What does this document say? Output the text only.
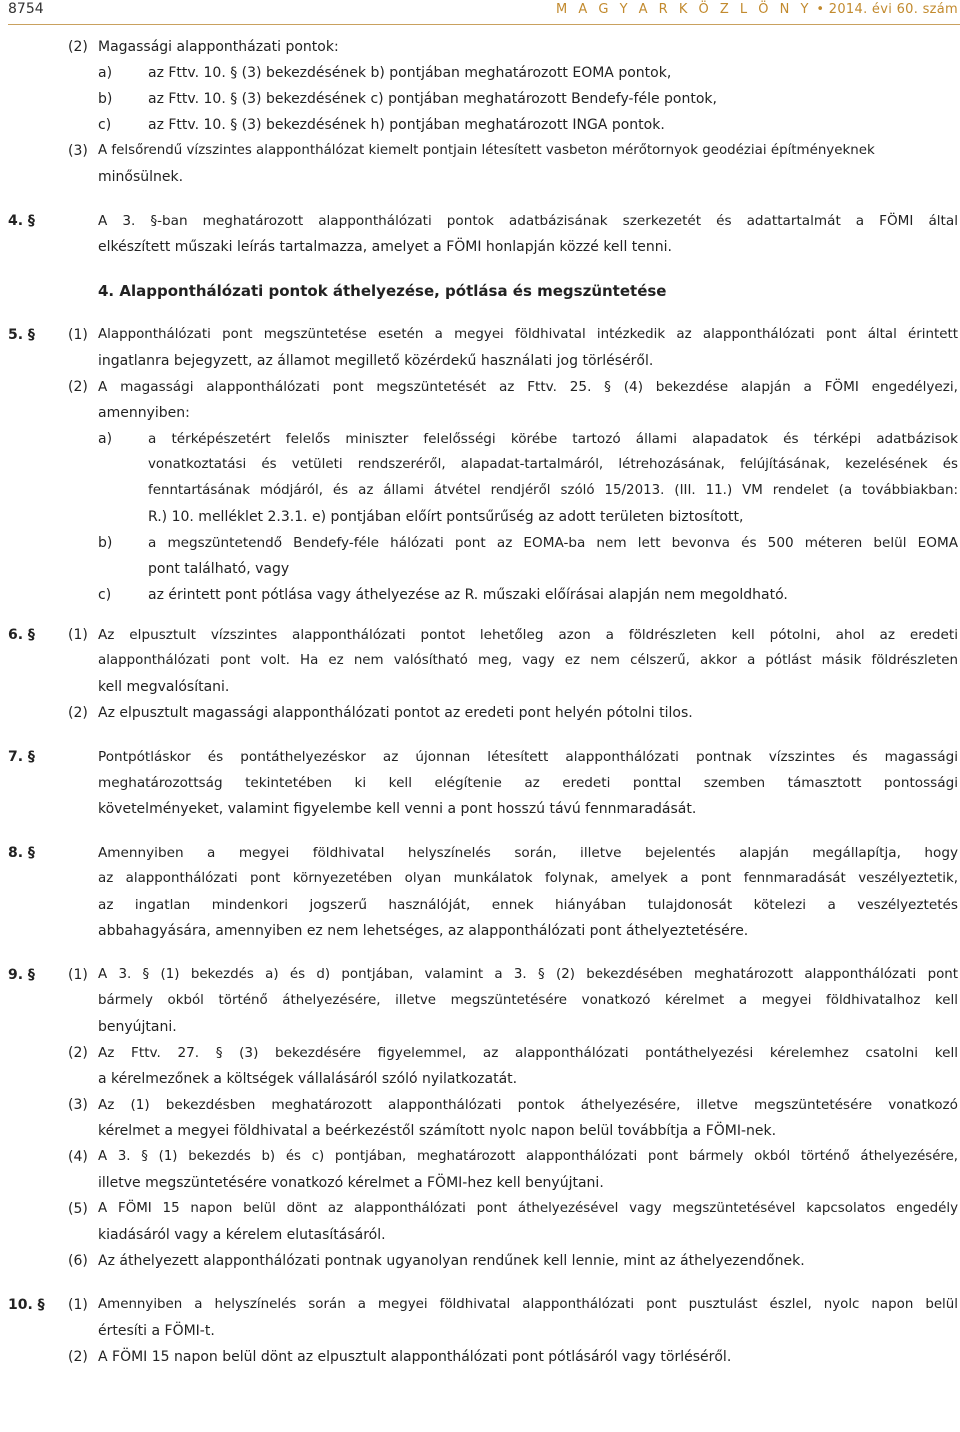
8754	M A G Y A R K Ö Z L Ö N Y • 2014. évi 60. szám
(2) Magassági alappontházati pontok:
a)	az Fttv. 10. § (3) bekezdésének b) pontjában meghatározott EOMA pontok,
b)	az Fttv. 10. § (3) bekezdésének c) pontjában meghatározott Bendefy-féle pontok,
c)	az Fttv. 10. § (3) bekezdésének h) pontjában meghatározott INGA pontok.
(3) A felsőrendű vízszintes alapponthálózat kiemelt pontjain létesített vasbeton mérőtornyok geodéziai építményeknek
minősülnek.
4. §	A 3. §-ban meghatározott alapponthálózati pontok adatbázisának szerkezetét és adattartalmát a FÖMI által
elkészített műszaki leírás tartalmazza, amelyet a FÖMI honlapján közzé kell tenni.
4. Alapponthálózati pontok áthelyezése, pótlása és megszüntetése
5. § (1) Alapponthálózati pont megszüntetése esetén a megyei földhivatal intézkedik az alapponthálózati pont által érintett
ingatlanra bejegyzett, az államot megillető közérdekű használati jog törléséről.
(2) A magassági alapponthálózati pont megszüntetését az Fttv. 25. § (4) bekezdése alapján a FÖMI engedélyezi,
amennyiben:
a)	a térképészetért felelős miniszter felelősségi körébe tartozó állami alapadatok és térképi adatbázisok
vonatkoztatási és vetületi rendszeréről, alapadat-tartalmáról, létrehozásának, felújításának, kezelésének és
fenntartásának módjáról, és az állami átvétel rendjéről szóló 15/2013. (III. 11.) VM rendelet (a továbbiakban:
R.) 10. melléklet 2.3.1. e) pontjában előírt pontsűrűség az adott területen biztosított,
b)	a megszüntetendő Bendefy-féle hálózati pont az EOMA-ba nem lett bevonva és 500 méteren belül EOMA
pont található, vagy
c)	az érintett pont pótlása vagy áthelyezése az R. műszaki előírásai alapján nem megoldható.
6. § (1) Az elpusztult vízszintes alapponthálózati pontot lehetőleg azon a földrészleten kell pótolni, ahol az eredeti
alapponthálózati pont volt. Ha ez nem valósítható meg, vagy ez nem célszerű, akkor a pótlást másik földrészleten
kell megvalósítani.
(2) Az elpusztult magassági alapponthálózati pontot az eredeti pont helyén pótolni tilos.
7. §	Pontpótláskor és pontáthelyezéskor az újonnan létesített alapponthálózati pontnak vízszintes és magassági
meghatározottság tekintetében ki kell elégítenie az eredeti ponttal szemben támasztott pontossági
követelményeket, valamint figyelembe kell venni a pont hosszú távú fennmaradását.
8. §	Amennyiben a megyei földhivatal helyszínelés során, illetve bejelentés alapján megállapítja, hogy
az alapponthálózati pont környezetében olyan munkálatok folynak, amelyek a pont fennmaradását veszélyeztetik,
az ingatlan mindenkori jogszerű használóját, ennek hiányában tulajdonosát kötelezi a veszélyeztetés
abbahagyására, amennyiben ez nem lehetséges, az alapponthálózati pont áthelyeztetésére.
9. § (1) A 3. § (1) bekezdés a) és d) pontjában, valamint a 3. § (2) bekezdésében meghatározott alapponthálózati pont
bármely okból történő áthelyezésére, illetve megszüntetésére vonatkozó kérelmet a megyei földhivatalhoz kell
benyújtani.
(2) Az Fttv. 27. § (3) bekezdésére figyelemmel, az alapponthálózati pontáthelyezési kérelemhez csatolni kell
a kérelmezőnek a költségek vállalásáról szóló nyilatkozatát.
(3) Az (1) bekezdésben meghatározott alapponthálózati pontok áthelyezésére, illetve megszüntetésére vonatkozó
kérelmet a megyei földhivatal a beérkezéstől számított nyolc napon belül továbbítja a FÖMI-nek.
(4) A 3. § (1) bekezdés b) és c) pontjában, meghatározott alapponthálózati pont bármely okból történő áthelyezésére,
illetve megszüntetésére vonatkozó kérelmet a FÖMI-hez kell benyújtani.
(5) A FÖMI 15 napon belül dönt az alapponthálózati pont áthelyezésével vagy megszüntetésével kapcsolatos engedély
kiadásáról vagy a kérelem elutasításáról.
(6) Az áthelyezett alapponthálózati pontnak ugyanolyan rendűnek kell lennie, mint az áthelyezendőnek.
10. § (1) Amennyiben a helyszínelés során a megyei földhivatal alapponthálózati pont pusztulást észlel, nyolc napon belül
értesíti a FÖMI-t.
(2) A FÖMI 15 napon belül dönt az elpusztult alapponthálózati pont pótlásáról vagy törléséről.
